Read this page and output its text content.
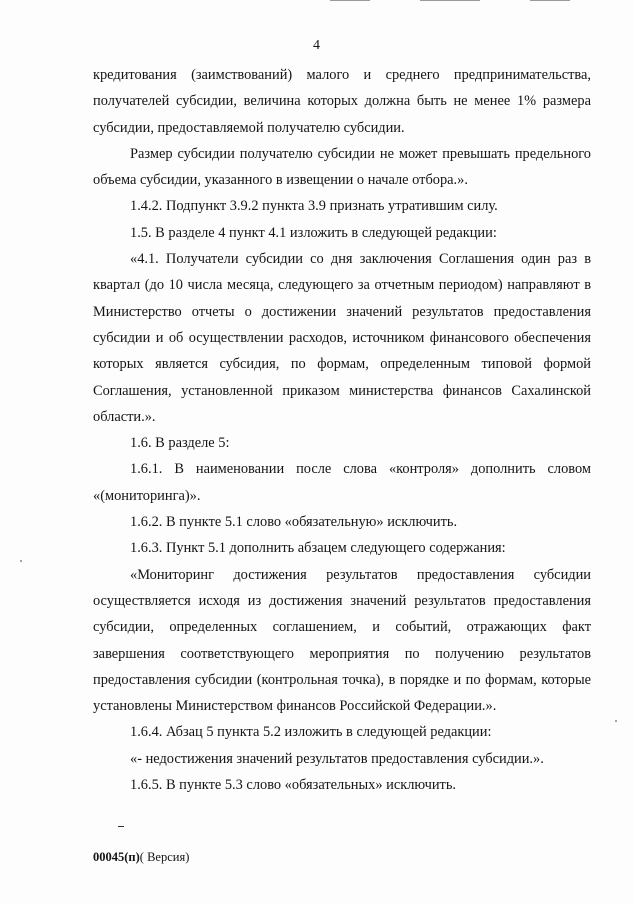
4

кредитования (заимствований) малого и среднего предпринимательства, получателей субсидии, величина которых должна быть не менее 1% размера субсидии, предоставляемой получателю субсидии.

Размер субсидии получателю субсидии не может превышать предельного объема субсидии, указанного в извещении о начале отбора.».

1.4.2. Подпункт 3.9.2 пункта 3.9 признать утратившим силу.

1.5. В разделе 4 пункт 4.1 изложить в следующей редакции:

«4.1. Получатели субсидии со дня заключения Соглашения один раз в квартал (до 10 числа месяца, следующего за отчетным периодом) направляют в Министерство отчеты о достижении значений результатов предоставления субсидии и об осуществлении расходов, источником финансового обеспечения которых является субсидия, по формам, определенным типовой формой Соглашения, установленной приказом министерства финансов Сахалинской области.».

1.6. В разделе 5:

1.6.1. В наименовании после слова «контроля» дополнить словом «(мониторинга)».

1.6.2. В пункте 5.1 слово «обязательную» исключить.

1.6.3. Пункт 5.1 дополнить абзацем следующего содержания:

«Мониторинг достижения результатов предоставления субсидии осуществляется исходя из достижения значений результатов предоставления субсидии, определенных соглашением, и событий, отражающих факт завершения соответствующего мероприятия по получению результатов предоставления субсидии (контрольная точка), в порядке и по формам, которые установлены Министерством финансов Российской Федерации.».

1.6.4. Абзац 5 пункта 5.2 изложить в следующей редакции:

«- недостижения значений результатов предоставления субсидии.».

1.6.5. В пункте 5.3 слово «обязательных» исключить.

00045(п)( Версия)
